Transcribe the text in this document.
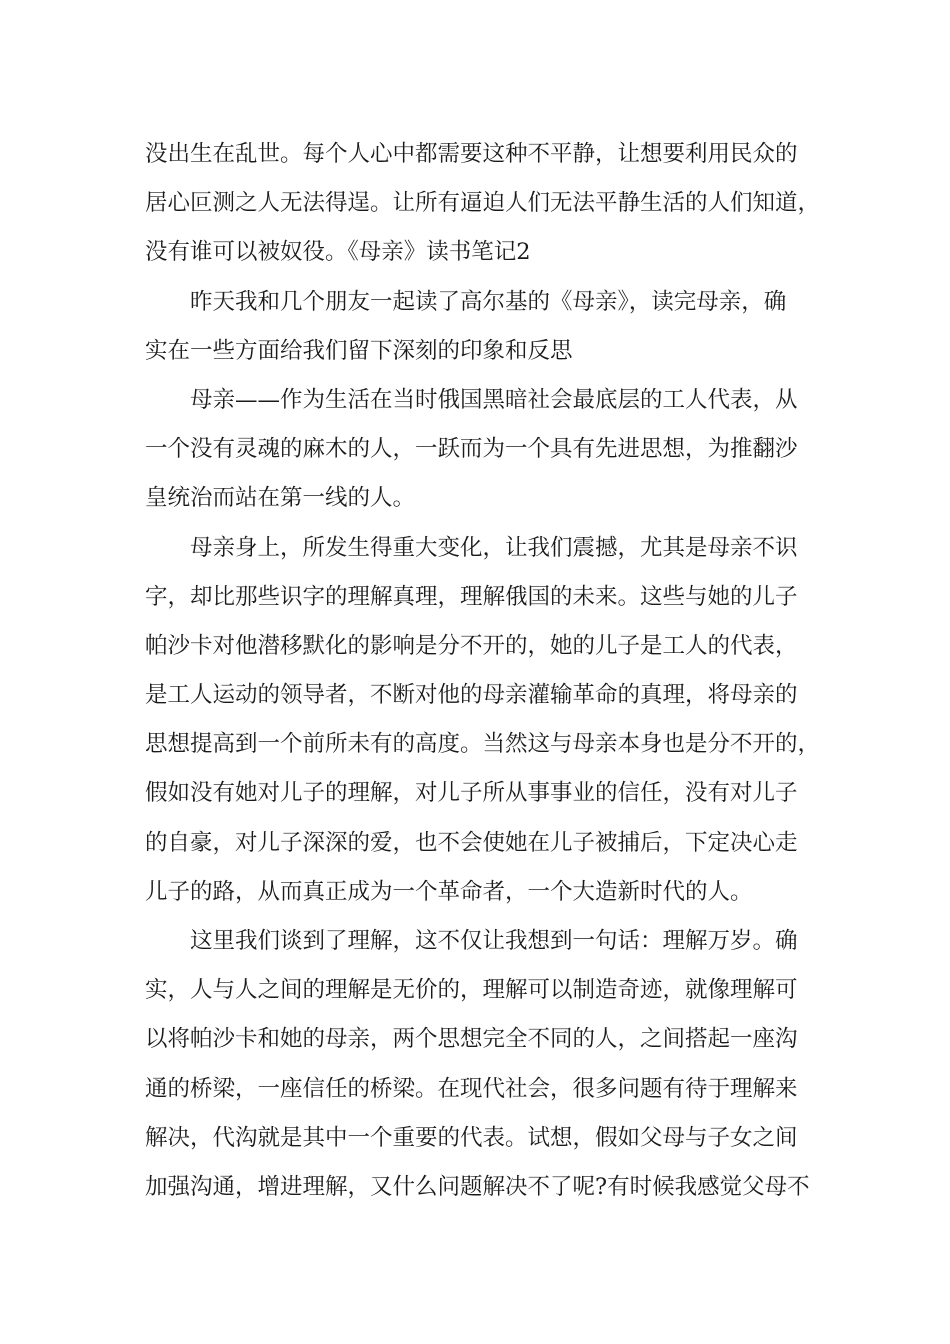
没出生在乱世。每个人心中都需要这种不平静，让想要利用民众的
居心叵测之人无法得逞。让所有逼迫人们无法平静生活的人们知道，
没有谁可以被奴役。《母亲》读书笔记2

昨天我和几个朋友一起读了高尔基的《母亲》，读完母亲，确
实在一些方面给我们留下深刻的印象和反思

母亲——作为生活在当时俄国黑暗社会最底层的工人代表，从
一个没有灵魂的麻木的人，一跃而为一个具有先进思想，为推翻沙
皇统治而站在第一线的人。

母亲身上，所发生得重大变化，让我们震撼，尤其是母亲不识
字，却比那些识字的理解真理，理解俄国的未来。这些与她的儿子
帕沙卡对他潜移默化的影响是分不开的，她的儿子是工人的代表，
是工人运动的领导者，不断对他的母亲灌输革命的真理，将母亲的
思想提高到一个前所未有的高度。当然这与母亲本身也是分不开的，
假如没有她对儿子的理解，对儿子所从事事业的信任，没有对儿子
的自豪，对儿子深深的爱，也不会使她在儿子被捕后，下定决心走
儿子的路，从而真正成为一个革命者，一个大造新时代的人。

这里我们谈到了理解，这不仅让我想到一句话：理解万岁。确
实，人与人之间的理解是无价的，理解可以制造奇迹，就像理解可
以将帕沙卡和她的母亲，两个思想完全不同的人，之间搭起一座沟
通的桥梁，一座信任的桥梁。在现代社会，很多问题有待于理解来
解决，代沟就是其中一个重要的代表。试想，假如父母与子女之间
加强沟通，增进理解，又什么问题解决不了呢?有时候我感觉父母不
